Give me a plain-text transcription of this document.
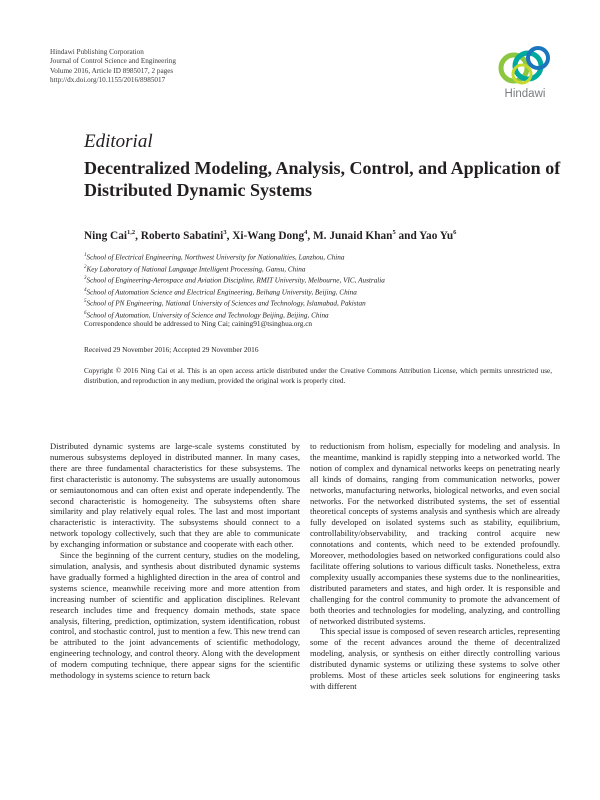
Hindawi Publishing Corporation
Journal of Control Science and Engineering
Volume 2016, Article ID 8985017, 2 pages
http://dx.doi.org/10.1155/2016/8985017
Hindawi
Editorial
Decentralized Modeling, Analysis, Control, and Application of Distributed Dynamic Systems
Ning Cai$^{1,2}$, Roberto Sabatini$^3$, Xi-Wang Dong$^4$, M. Junaid Khan$^5$ and Yao Yu$^6$
$^1$School of Electrical Engineering, Northwest University for Nationalities, Lanzhou, China
$^2$Key Laboratory of National Language Intelligent Processing, Gansu, China
$^3$School of Engineering-Aerospace and Aviation Discipline, RMIT University, Melbourne, VIC, Australia
$^4$School of Automation Science and Electrical Engineering, Beihang University, Beijing, China
$^5$School of PN Engineering, National University of Sciences and Technology, Islamabad, Pakistan
$^6$School of Automation, University of Science and Technology Beijing, Beijing, China
Correspondence should be addressed to Ning Cai; caining91@tsinghua.org.cn
Received 29 November 2016; Accepted 29 November 2016
Copyright © 2016 Ning Cai et al. This is an open access article distributed under the Creative Commons Attribution License, which permits unrestricted use, distribution, and reproduction in any medium, provided the original work is properly cited.

Distributed dynamic systems are large-scale systems constituted by numerous subsystems deployed in distributed manner. In many cases, there are three fundamental characteristics for these subsystems. The first characteristic is autonomy. The subsystems are usually autonomous or semiautonomous and can often exist and operate independently. The second characteristic is homogeneity. The subsystems often share similarity and play relatively equal roles. The last and most important characteristic is interactivity. The subsystems should connect to a network topology collectively, such that they are able to communicate by exchanging information or substance and cooperate with each other.

Since the beginning of the current century, studies on the modeling, simulation, analysis, and synthesis about distributed dynamic systems have gradually formed a highlighted direction in the area of control and systems science, meanwhile receiving more and more attention from increasing number of scientific and application disciplines. Relevant research includes time and frequency domain methods, state space analysis, filtering, prediction, optimization, system identification, robust control, and stochastic control, just to mention a few. This new trend can be attributed to the joint advancements of scientific methodology, engineering technology, and control theory. Along with the development of modern computing technique, there appear signs for the scientific methodology in systems science to return back

to reductionism from holism, especially for modeling and analysis. In the meantime, mankind is rapidly stepping into a networked world. The notion of complex and dynamical networks keeps on penetrating nearly all kinds of domains, ranging from communication networks, power networks, manufacturing networks, biological networks, and even social networks. For the networked distributed systems, the set of essential theoretical concepts of systems analysis and synthesis which are already fully developed on isolated systems such as stability, equilibrium, controllability/observability, and tracking control acquire new connotations and contents, which need to be extended profoundly. Moreover, methodologies based on networked configurations could also facilitate offering solutions to various difficult tasks. Nonetheless, extra complexity usually accompanies these systems due to the nonlinearities, distributed parameters and states, and high order. It is responsible and challenging for the control community to promote the advancement of both theories and technologies for modeling, analyzing, and controlling of networked distributed systems.

This special issue is composed of seven research articles, representing some of the recent advances around the theme of decentralized modeling, analysis, or synthesis on either directly controlling various distributed dynamic systems or utilizing these systems to solve other problems. Most of these articles seek solutions for engineering tasks with different
